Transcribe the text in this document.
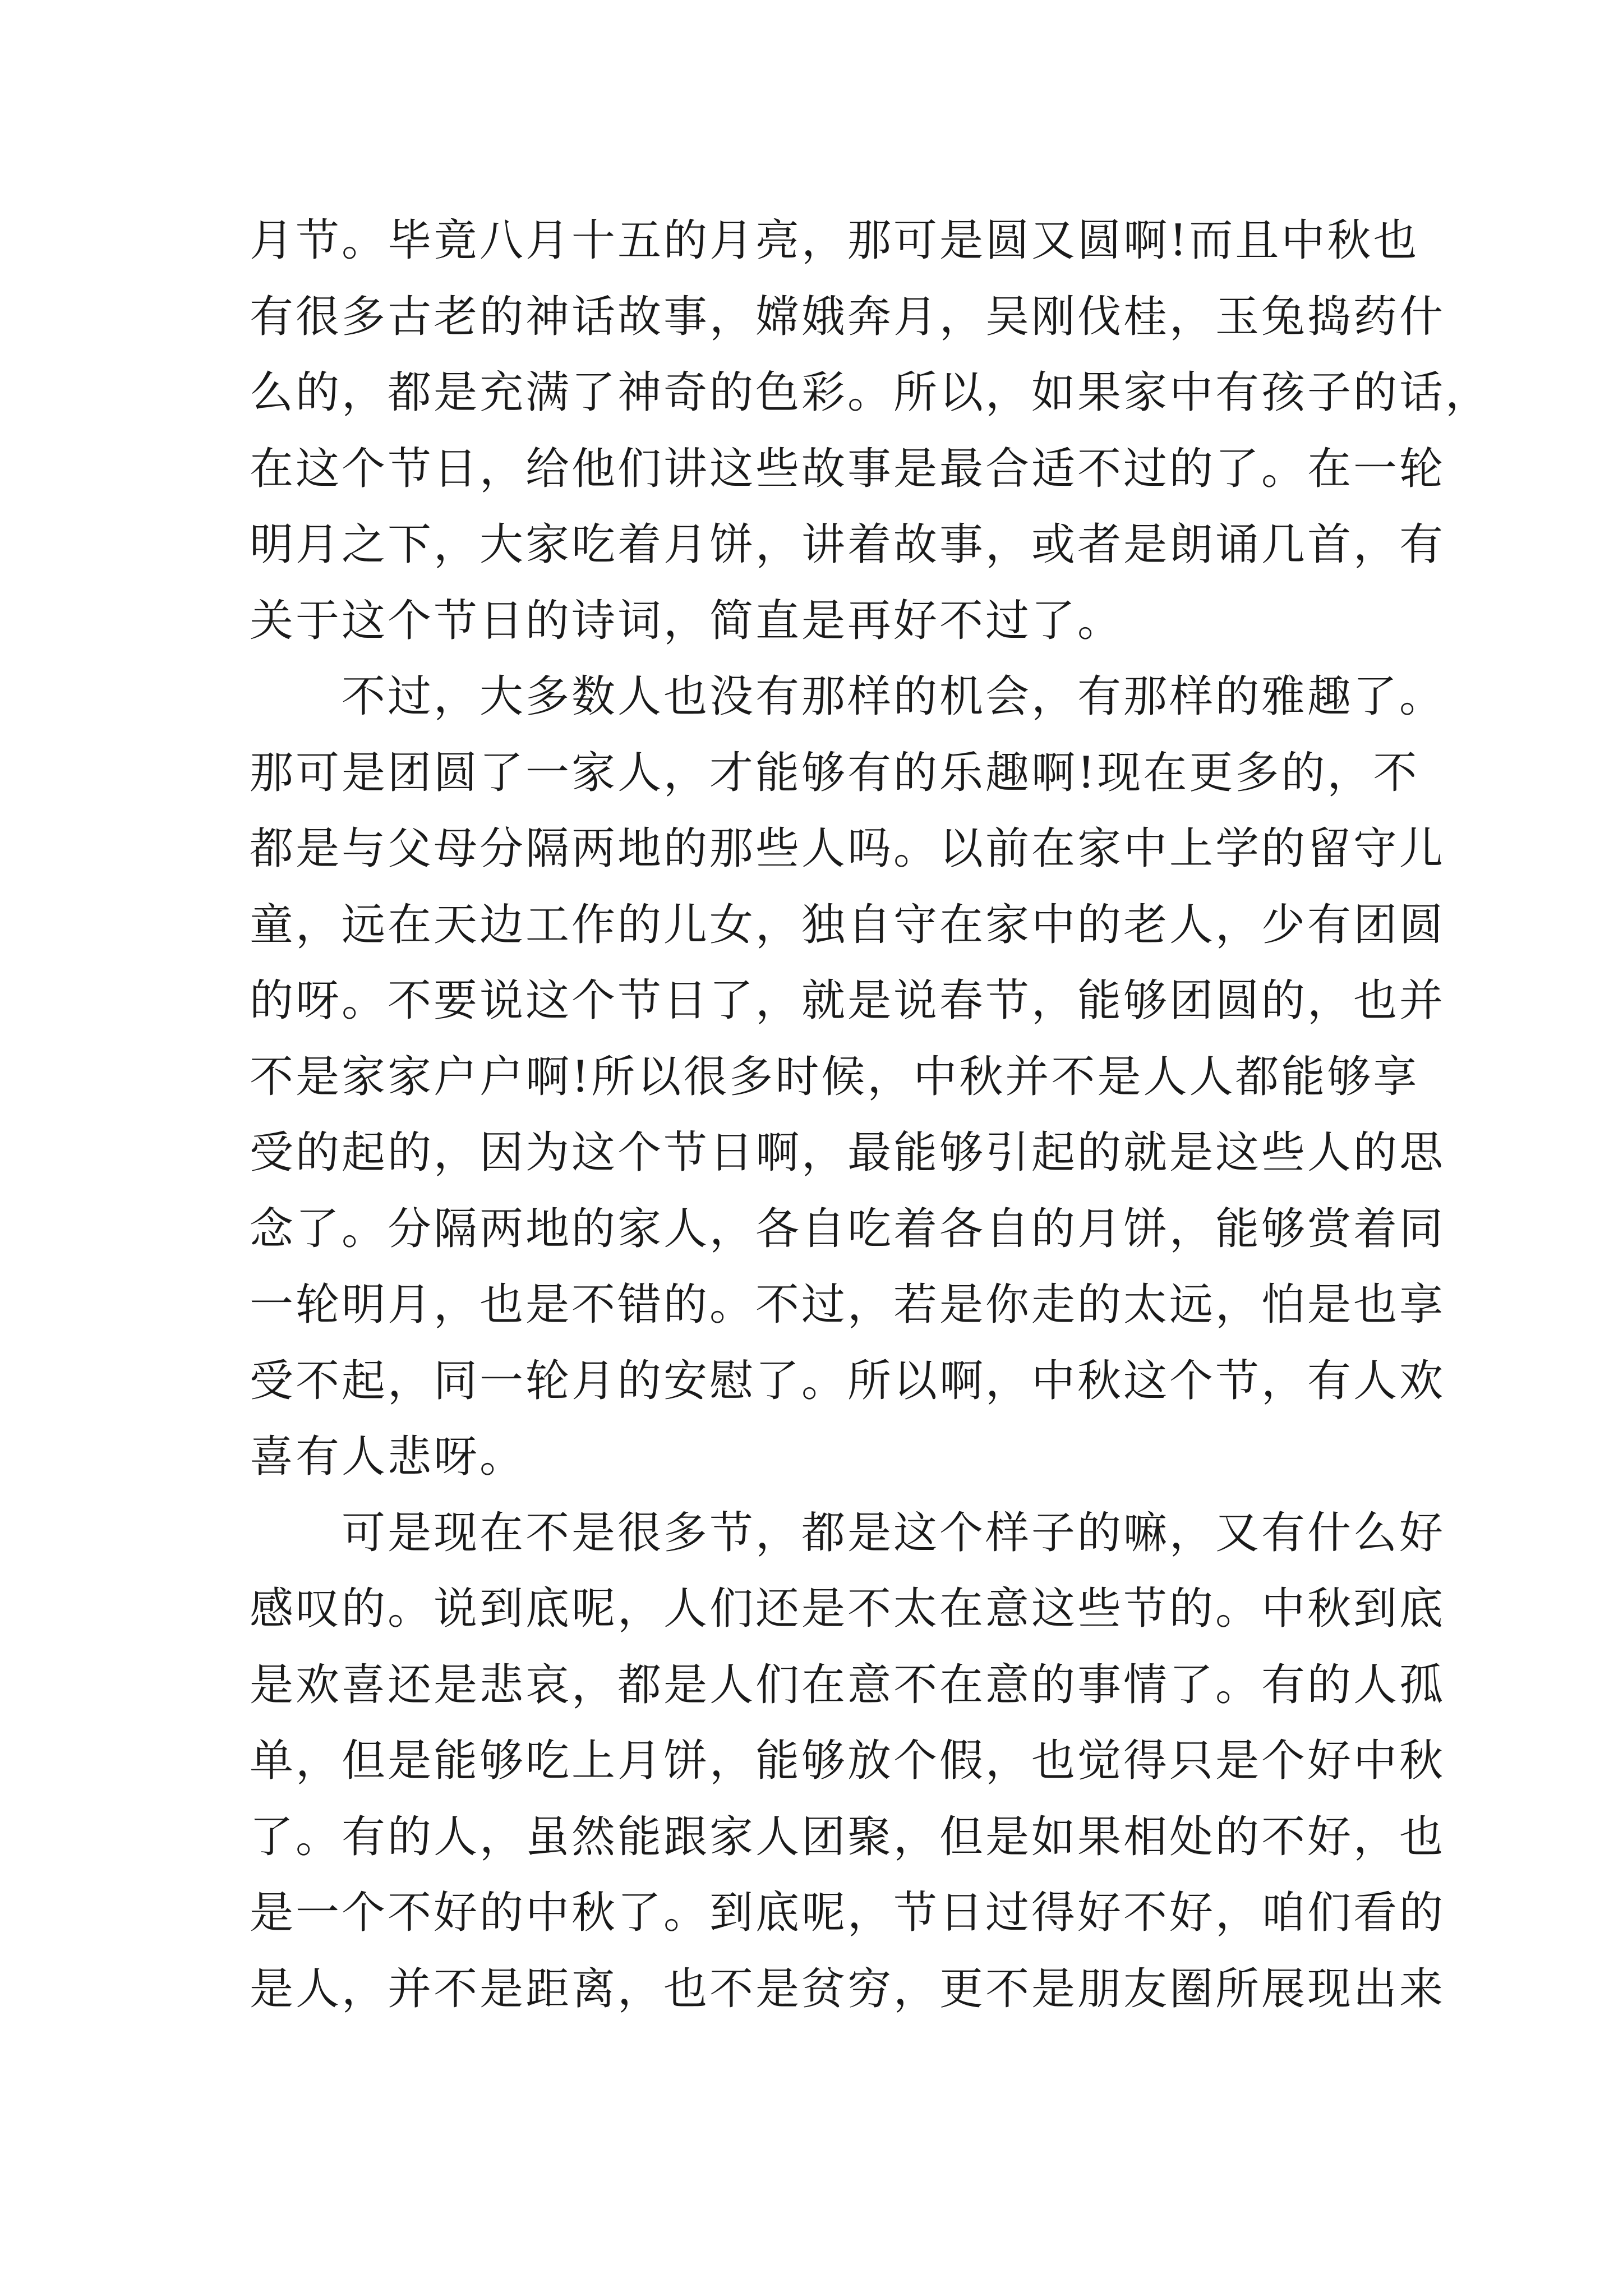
月节。毕竟八月十五的月亮，那可是圆又圆啊!而且中秋也
有很多古老的神话故事，嫦娥奔月，吴刚伐桂，玉兔捣药什
么的，都是充满了神奇的色彩。所以，如果家中有孩子的话，
在这个节日，给他们讲这些故事是最合适不过的了。在一轮
明月之下，大家吃着月饼，讲着故事，或者是朗诵几首，有
关于这个节日的诗词，简直是再好不过了。
　　不过，大多数人也没有那样的机会，有那样的雅趣了。
那可是团圆了一家人，才能够有的乐趣啊!现在更多的，不
都是与父母分隔两地的那些人吗。以前在家中上学的留守儿
童，远在天边工作的儿女，独自守在家中的老人，少有团圆
的呀。不要说这个节日了，就是说春节，能够团圆的，也并
不是家家户户啊!所以很多时候，中秋并不是人人都能够享
受的起的，因为这个节日啊，最能够引起的就是这些人的思
念了。分隔两地的家人，各自吃着各自的月饼，能够赏着同
一轮明月，也是不错的。不过，若是你走的太远，怕是也享
受不起，同一轮月的安慰了。所以啊，中秋这个节，有人欢
喜有人悲呀。
　　可是现在不是很多节，都是这个样子的嘛，又有什么好
感叹的。说到底呢，人们还是不太在意这些节的。中秋到底
是欢喜还是悲哀，都是人们在意不在意的事情了。有的人孤
单，但是能够吃上月饼，能够放个假，也觉得只是个好中秋
了。有的人，虽然能跟家人团聚，但是如果相处的不好，也
是一个不好的中秋了。到底呢，节日过得好不好，咱们看的
是人，并不是距离，也不是贫穷，更不是朋友圈所展现出来
